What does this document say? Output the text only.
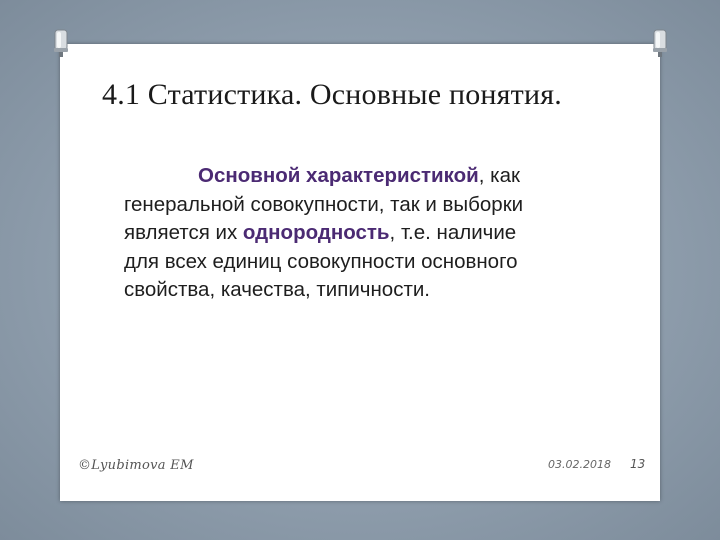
4.1 Статистика. Основные понятия.
Основной характеристикой, как
генеральной совокупности, так и выборки
является их однородность, т.е. наличие
для всех единиц совокупности основного
свойства, качества, типичности.
©Lyubimova EM	03.02.2018 13
